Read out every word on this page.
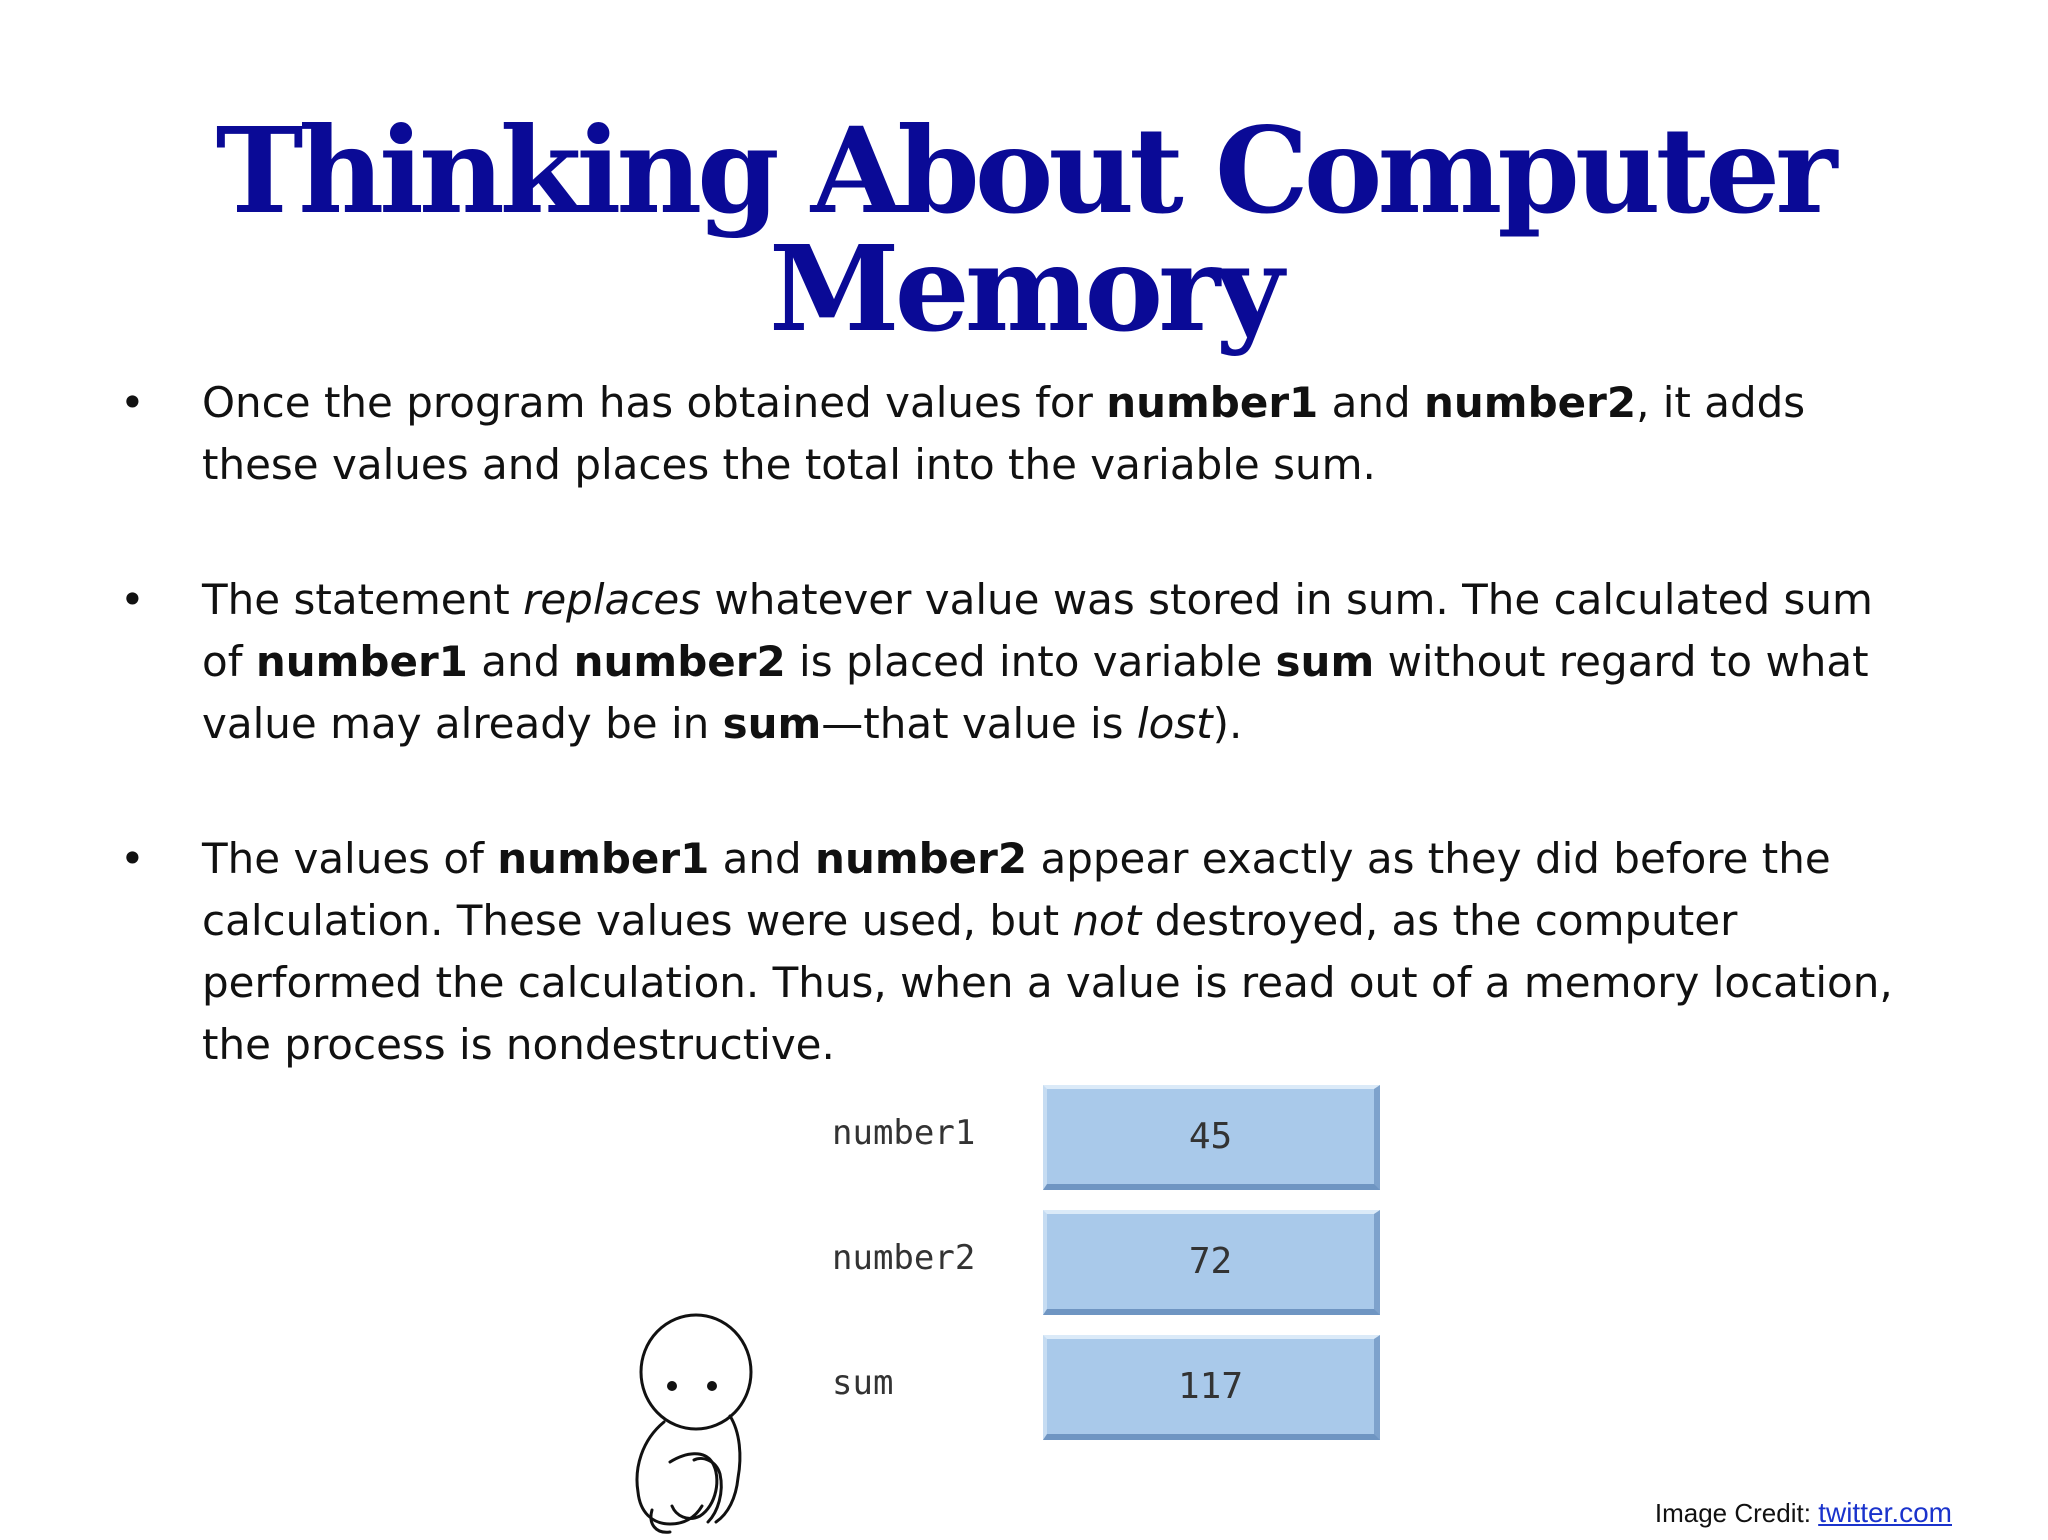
Thinking About Computer Memory
• Once the program has obtained values for number1 and number2, it adds these values and places the total into the variable sum.

• The statement replaces whatever value was stored in sum. The calculated sum of number1 and number2 is placed into variable sum without regard to what value may already be in sum—that value is lost).

• The values of number1 and number2 appear exactly as they did before the calculation. These values were used, but not destroyed, as the computer performed the calculation. Thus, when a value is read out of a memory location, the process is nondestructive.

number1	45
number2	72
sum	117
Image Credit: twitter.com
